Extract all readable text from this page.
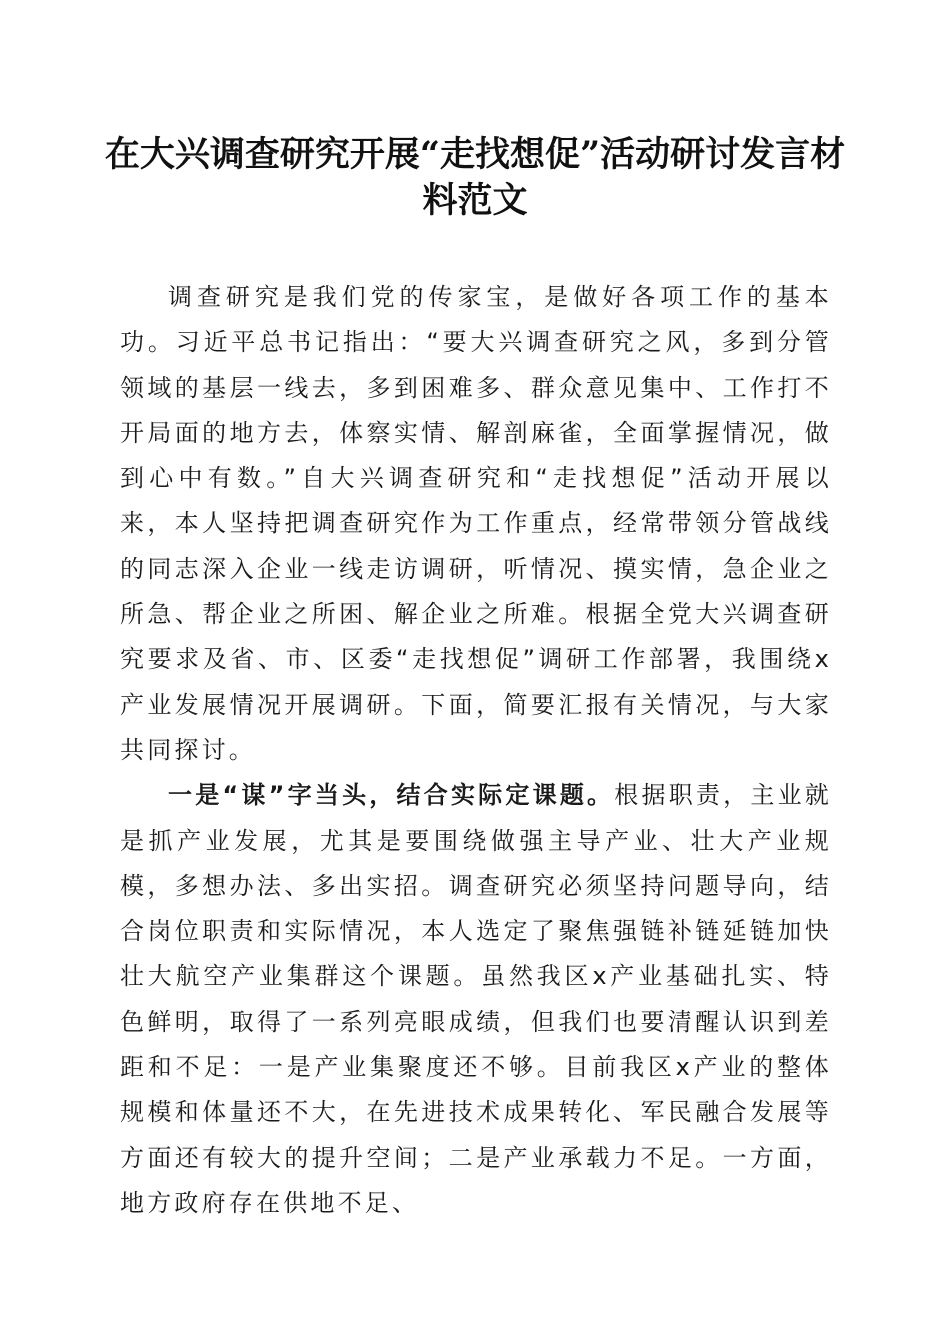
在大兴调查研究开展“走找想促”活动研讨发言材料范文

调查研究是我们党的传家宝，是做好各项工作的基本功。习近平总书记指出：“要大兴调查研究之风，多到分管领域的基层一线去，多到困难多、群众意见集中、工作打不开局面的地方去，体察实情、解剖麻雀，全面掌握情况，做到心中有数。”自大兴调查研究和“走找想促”活动开展以来，本人坚持把调查研究作为工作重点，经常带领分管战线的同志深入企业一线走访调研，听情况、摸实情，急企业之所急、帮企业之所困、解企业之所难。根据全党大兴调查研究要求及省、市、区委“走找想促”调研工作部署，我围绕x产业发展情况开展调研。下面，简要汇报有关情况，与大家共同探讨。

一是“谋”字当头，结合实际定课题。根据职责，主业就是抓产业发展，尤其是要围绕做强主导产业、壮大产业规模，多想办法、多出实招。调查研究必须坚持问题导向，结合岗位职责和实际情况，本人选定了聚焦强链补链延链加快壮大航空产业集群这个课题。虽然我区x产业基础扎实、特色鲜明，取得了一系列亮眼成绩，但我们也要清醒认识到差距和不足：一是产业集聚度还不够。目前我区x产业的整体规模和体量还不大，在先进技术成果转化、军民融合发展等方面还有较大的提升空间；二是产业承载力不足。一方面，地方政府存在供地不足、
